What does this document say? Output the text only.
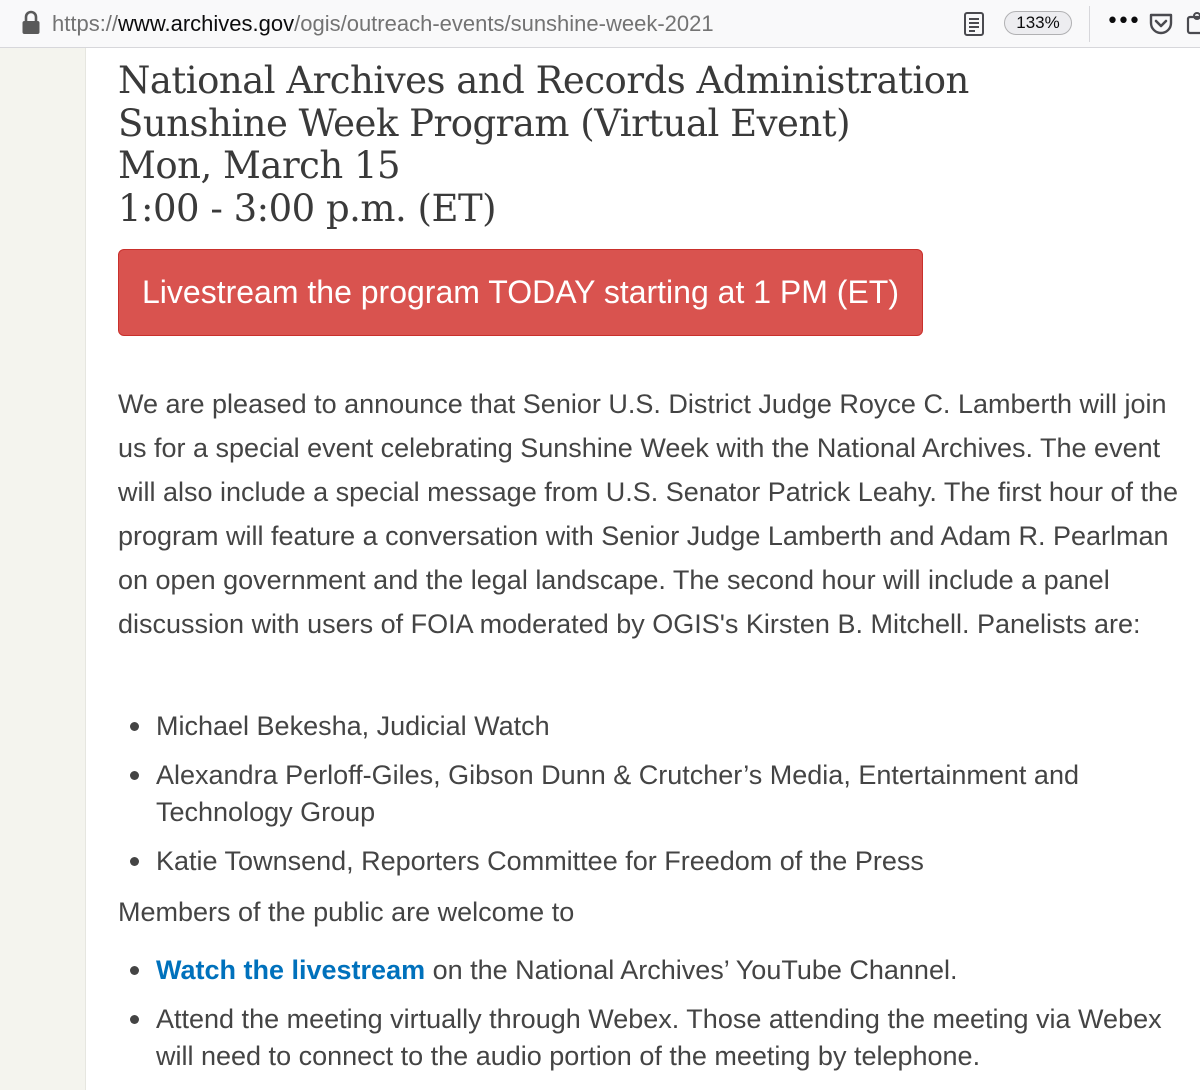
https://www.archives.gov/ogis/outreach-events/sunshine-week-2021	133%	•••
National Archives and Records Administration
Sunshine Week Program (Virtual Event)
Mon, March 15
1:00 - 3:00 p.m. (ET)
Livestream the program TODAY starting at 1 PM (ET)

We are pleased to announce that Senior U.S. District Judge Royce C. Lamberth will join us for a special event celebrating Sunshine Week with the National Archives. The event will also include a special message from U.S. Senator Patrick Leahy. The first hour of the program will feature a conversation with Senior Judge Lamberth and Adam R. Pearlman on open government and the legal landscape. The second hour will include a panel discussion with users of FOIA moderated by OGIS's Kirsten B. Mitchell. Panelists are:

Michael Bekesha, Judicial Watch
Alexandra Perloff-Giles, Gibson Dunn & Crutcher’s Media, Entertainment and Technology Group
Katie Townsend, Reporters Committee for Freedom of the Press

Members of the public are welcome to

Watch the livestream on the National Archives’ YouTube Channel.
Attend the meeting virtually through Webex. Those attending the meeting via Webex will need to connect to the audio portion of the meeting by telephone.
